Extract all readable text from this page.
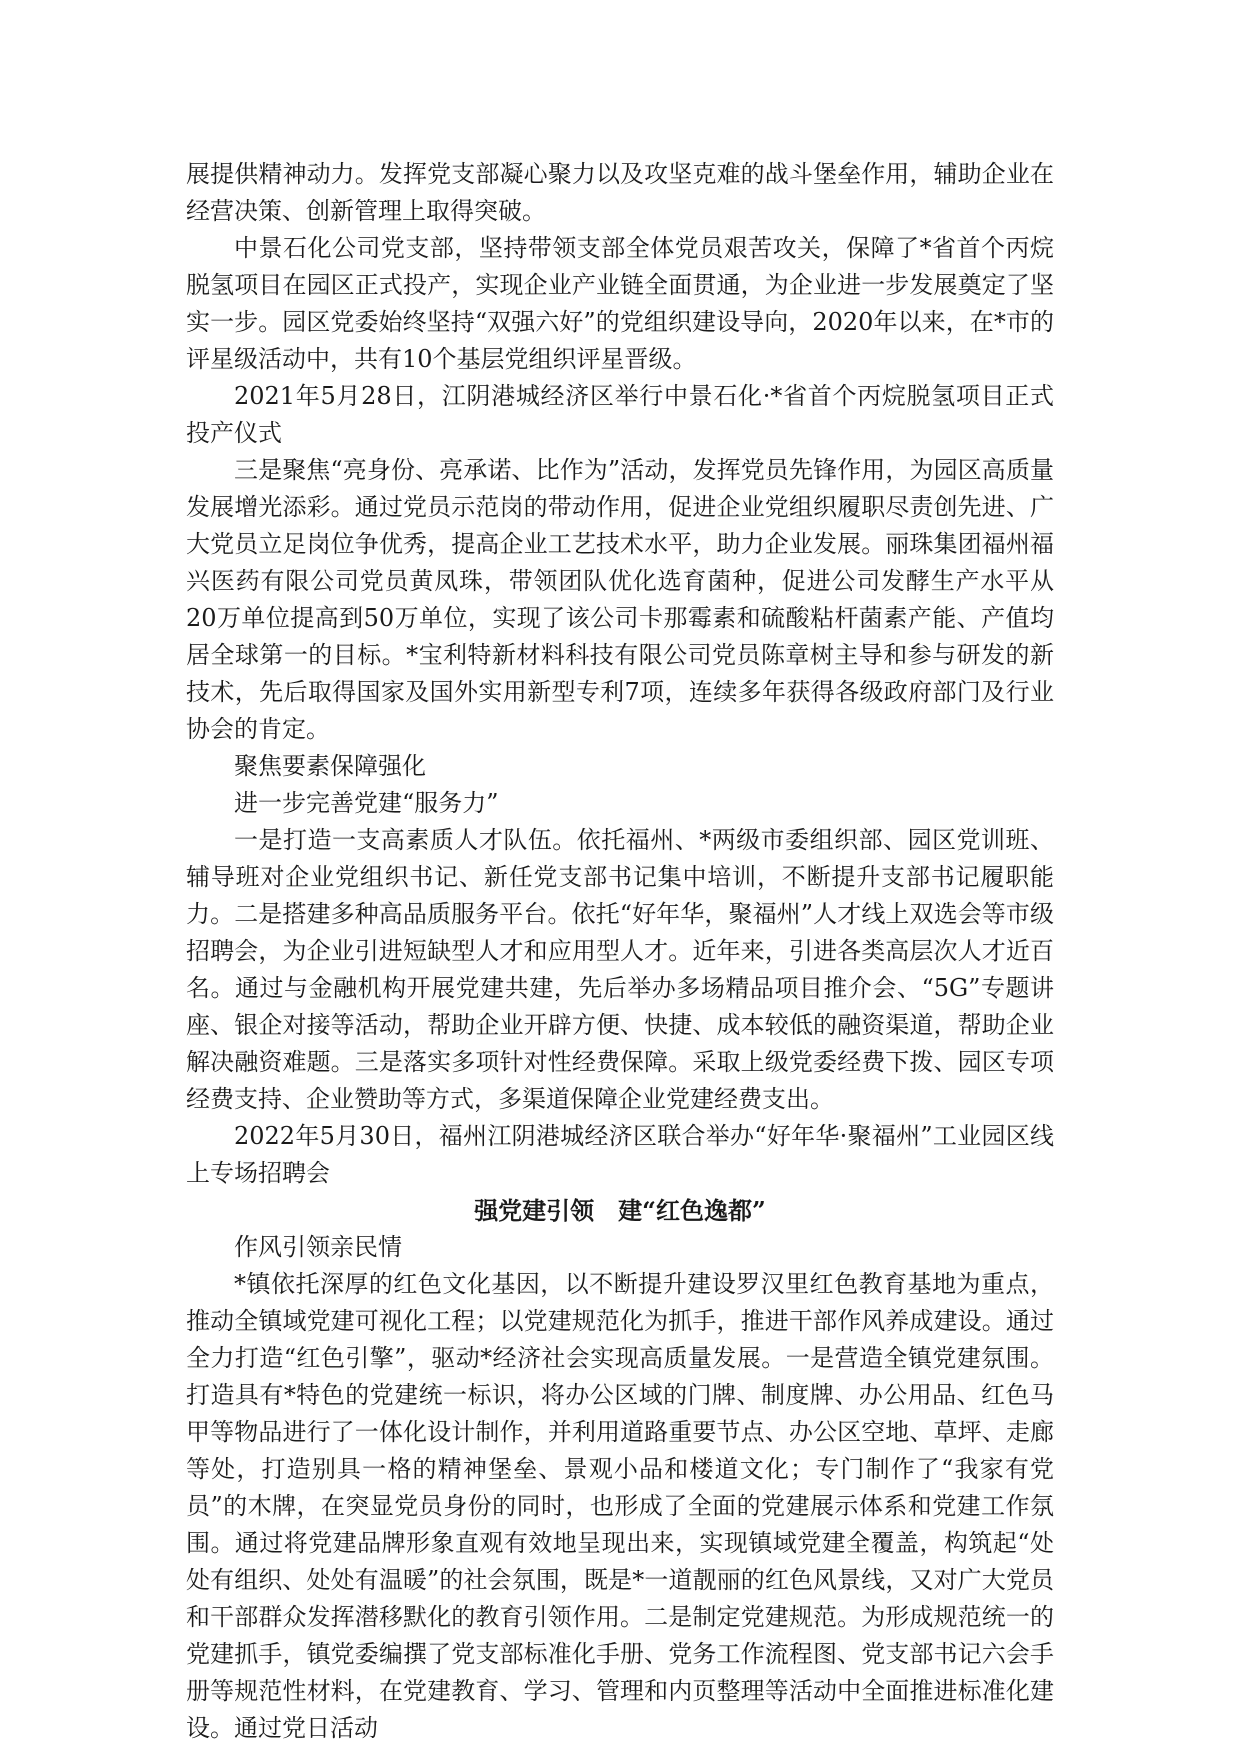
展提供精神动力。发挥党支部凝心聚力以及攻坚克难的战斗堡垒作用，辅助企业在经营决策、创新管理上取得突破。

中景石化公司党支部，坚持带领支部全体党员艰苦攻关，保障了*省首个丙烷脱氢项目在园区正式投产，实现企业产业链全面贯通，为企业进一步发展奠定了坚实一步。园区党委始终坚持“双强六好”的党组织建设导向，2020年以来，在*市的评星级活动中，共有10个基层党组织评星晋级。

2021年5月28日，江阴港城经济区举行中景石化·*省首个丙烷脱氢项目正式投产仪式

三是聚焦“亮身份、亮承诺、比作为”活动，发挥党员先锋作用，为园区高质量发展增光添彩。通过党员示范岗的带动作用，促进企业党组织履职尽责创先进、广大党员立足岗位争优秀，提高企业工艺技术水平，助力企业发展。丽珠集团福州福兴医药有限公司党员黄凤珠，带领团队优化选育菌种，促进公司发酵生产水平从20万单位提高到50万单位，实现了该公司卡那霉素和硫酸粘杆菌素产能、产值均居全球第一的目标。*宝利特新材料科技有限公司党员陈章树主导和参与研发的新技术，先后取得国家及国外实用新型专利7项，连续多年获得各级政府部门及行业协会的肯定。

聚焦要素保障强化

进一步完善党建“服务力”

一是打造一支高素质人才队伍。依托福州、*两级市委组织部、园区党训班、辅导班对企业党组织书记、新任党支部书记集中培训，不断提升支部书记履职能力。二是搭建多种高品质服务平台。依托“好年华，聚福州”人才线上双选会等市级招聘会，为企业引进短缺型人才和应用型人才。近年来，引进各类高层次人才近百名。通过与金融机构开展党建共建，先后举办多场精品项目推介会、“5G”专题讲座、银企对接等活动，帮助企业开辟方便、快捷、成本较低的融资渠道，帮助企业解决融资难题。三是落实多项针对性经费保障。采取上级党委经费下拨、园区专项经费支持、企业赞助等方式，多渠道保障企业党建经费支出。

2022年5月30日，福州江阴港城经济区联合举办“好年华·聚福州”工业园区线上专场招聘会

强党建引领　建“红色逸都”

作风引领亲民情

*镇依托深厚的红色文化基因，以不断提升建设罗汉里红色教育基地为重点，推动全镇域党建可视化工程；以党建规范化为抓手，推进干部作风养成建设。通过全力打造“红色引擎”，驱动*经济社会实现高质量发展。一是营造全镇党建氛围。打造具有*特色的党建统一标识，将办公区域的门牌、制度牌、办公用品、红色马甲等物品进行了一体化设计制作，并利用道路重要节点、办公区空地、草坪、走廊等处，打造别具一格的精神堡垒、景观小品和楼道文化；专门制作了“我家有党员”的木牌，在突显党员身份的同时，也形成了全面的党建展示体系和党建工作氛围。通过将党建品牌形象直观有效地呈现出来，实现镇域党建全覆盖，构筑起“处处有组织、处处有温暖”的社会氛围，既是*一道靓丽的红色风景线，又对广大党员和干部群众发挥潜移默化的教育引领作用。二是制定党建规范。为形成规范统一的党建抓手，镇党委编撰了党支部标准化手册、党务工作流程图、党支部书记六会手册等规范性材料，在党建教育、学习、管理和内页整理等活动中全面推进标准化建设。通过党日活动
